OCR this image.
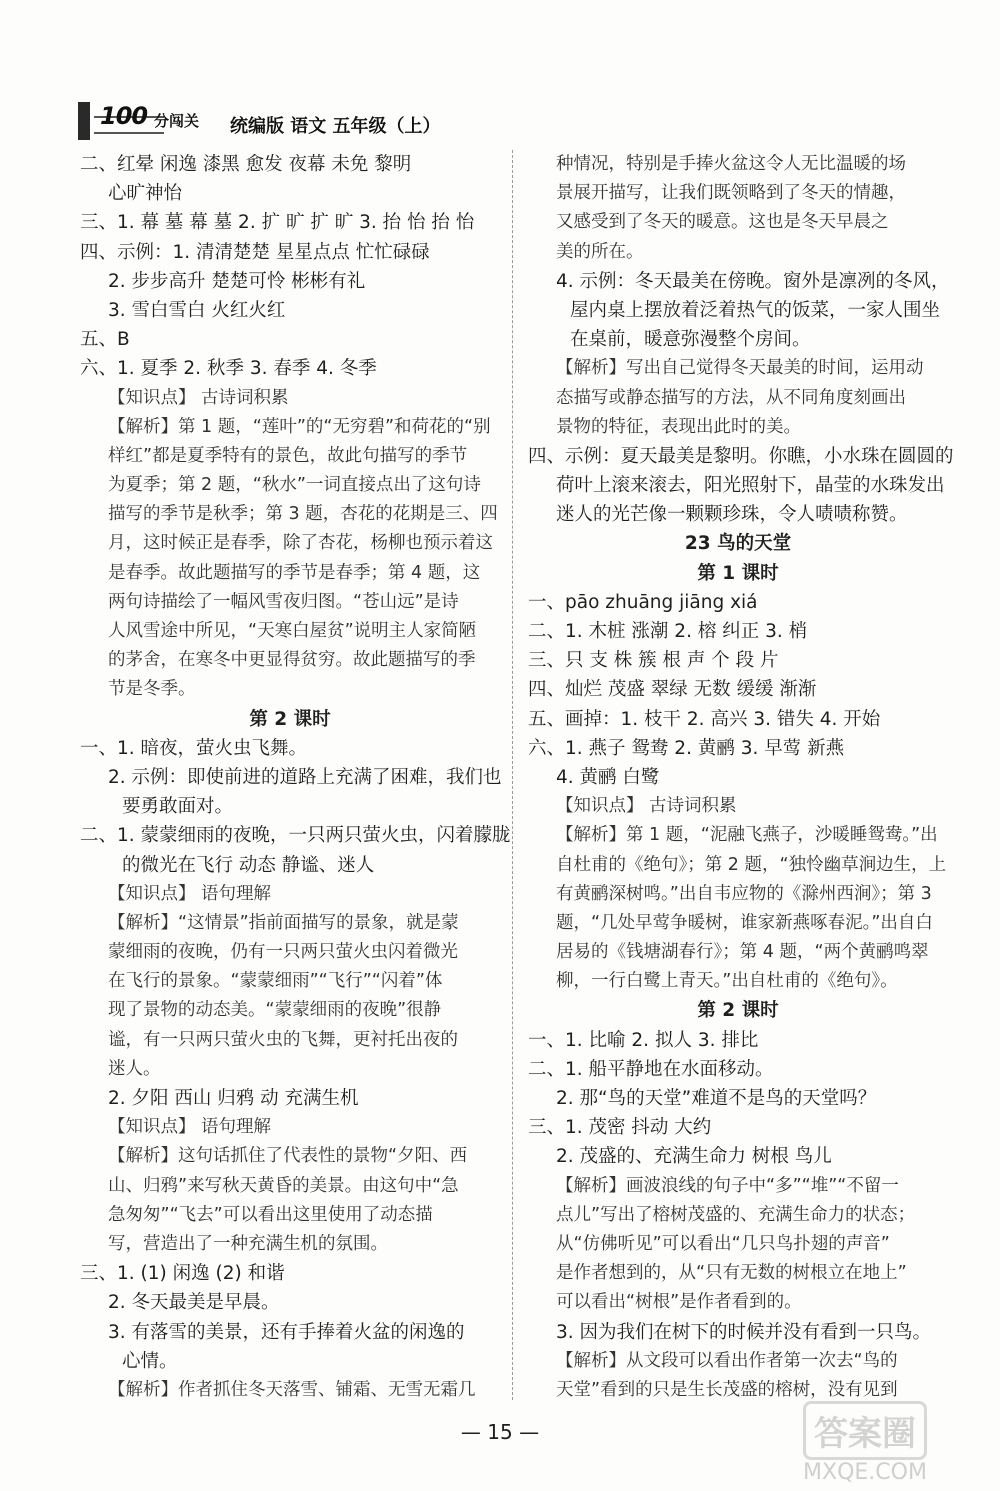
100 分闯关 统编版 语文 五年级（上）
二、红晕 闲逸 漆黑 愈发 夜幕 未免 黎明
心旷神怡
三、1. 幕 墓 幕 墓 2. 扩 旷 扩 旷 3. 抬 怡 抬 怡
四、示例：1. 清清楚楚 星星点点 忙忙碌碌
2. 步步高升 楚楚可怜 彬彬有礼
3. 雪白雪白 火红火红
五、B
六、1. 夏季 2. 秋季 3. 春季 4. 冬季
【知识点】 古诗词积累
【解析】第 1 题，“莲叶”的“无穷碧”和荷花的“别
样红”都是夏季特有的景色，故此句描写的季节
为夏季；第 2 题，“秋水”一词直接点出了这句诗
描写的季节是秋季；第 3 题，杏花的花期是三、四
月，这时候正是春季，除了杏花，杨柳也预示着这
是春季。故此题描写的季节是春季；第 4 题，这
两句诗描绘了一幅风雪夜归图。“苍山远”是诗
人风雪途中所见，“天寒白屋贫”说明主人家简陋
的茅舍，在寒冬中更显得贫穷。故此题描写的季
节是冬季。
第 2 课时
一、1. 暗夜，萤火虫飞舞。
2. 示例：即使前进的道路上充满了困难，我们也
要勇敢面对。
二、1. 蒙蒙细雨的夜晚，一只两只萤火虫，闪着朦胧
的微光在飞行 动态 静谧、迷人
【知识点】 语句理解
【解析】“这情景”指前面描写的景象，就是蒙
蒙细雨的夜晚，仍有一只两只萤火虫闪着微光
在飞行的景象。“蒙蒙细雨”“飞行”“闪着”体
现了景物的动态美。“蒙蒙细雨的夜晚”很静
谧，有一只两只萤火虫的飞舞，更衬托出夜的
迷人。
2. 夕阳 西山 归鸦 动 充满生机
【知识点】 语句理解
【解析】这句话抓住了代表性的景物“夕阳、西
山、归鸦”来写秋天黄昏的美景。由这句中“急
急匆匆”“飞去”可以看出这里使用了动态描
写，营造出了一种充满生机的氛围。
三、1. (1) 闲逸 (2) 和谐
2. 冬天最美是早晨。
3. 有落雪的美景，还有手捧着火盆的闲逸的
心情。
【解析】作者抓住冬天落雪、铺霜、无雪无霜几
种情况，特别是手捧火盆这令人无比温暖的场
景展开描写，让我们既领略到了冬天的情趣，
又感受到了冬天的暖意。这也是冬天早晨之
美的所在。
4. 示例：冬天最美在傍晚。窗外是凛冽的冬风，
屋内桌上摆放着泛着热气的饭菜，一家人围坐
在桌前，暖意弥漫整个房间。
【解析】写出自己觉得冬天最美的时间，运用动
态描写或静态描写的方法，从不同角度刻画出
景物的特征，表现出此时的美。
四、示例：夏天最美是黎明。你瞧，小水珠在圆圆的
荷叶上滚来滚去，阳光照射下，晶莹的水珠发出
迷人的光芒像一颗颗珍珠，令人啧啧称赞。
23 鸟的天堂
第 1 课时
一、pāo zhuāng jiāng xiá
二、1. 木桩 涨潮 2. 榕 纠正 3. 梢
三、只 支 株 簇 根 声 个 段 片
四、灿烂 茂盛 翠绿 无数 缓缓 渐渐
五、画掉：1. 枝干 2. 高兴 3. 错失 4. 开始
六、1. 燕子 鸳鸯 2. 黄鹂 3. 早莺 新燕
4. 黄鹂 白鹭
【知识点】 古诗词积累
【解析】第 1 题，“泥融飞燕子，沙暖睡鸳鸯。”出
自杜甫的《绝句》；第 2 题，“独怜幽草涧边生，上
有黄鹂深树鸣。”出自韦应物的《滁州西涧》；第 3
题，“几处早莺争暖树，谁家新燕啄春泥。”出自白
居易的《钱塘湖春行》；第 4 题，“两个黄鹂鸣翠
柳，一行白鹭上青天。”出自杜甫的《绝句》。
第 2 课时
一、1. 比喻 2. 拟人 3. 排比
二、1. 船平静地在水面移动。
2. 那“鸟的天堂”难道不是鸟的天堂吗？
三、1. 茂密 抖动 大约
2. 茂盛的、充满生命力 树根 鸟儿
【解析】画波浪线的句子中“多”“堆”“不留一
点儿”写出了榕树茂盛的、充满生命力的状态；
从“仿佛听见”可以看出“几只鸟扑翅的声音”
是作者想到的，从“只有无数的树根立在地上”
可以看出“树根”是作者看到的。
3. 因为我们在树下的时候并没有看到一只鸟。
【解析】从文段可以看出作者第一次去“鸟的
天堂”看到的只是生长茂盛的榕树，没有见到
— 15 —	答案圈
MXQE.COM
